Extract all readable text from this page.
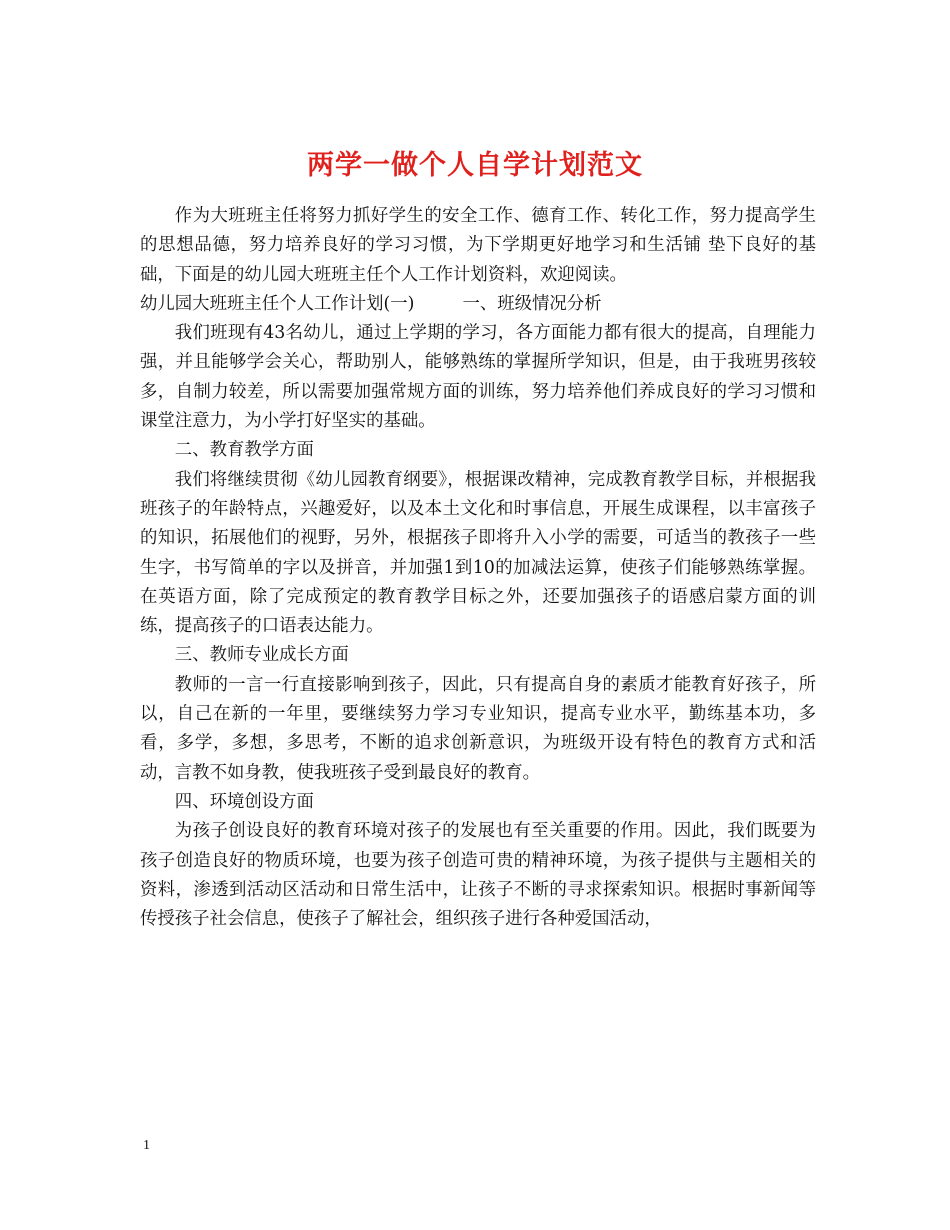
两学一做个人自学计划范文

作为大班班主任将努力抓好学生的安全工作、德育工作、转化工作，努力提高学生的思想品德，努力培养良好的学习习惯，为下学期更好地学习和生活铺 垫下良好的基础，下面是的幼儿园大班班主任个人工作计划资料，欢迎阅读。

幼儿园大班班主任个人工作计划(一)	一、班级情况分析

我们班现有43名幼儿，通过上学期的学习，各方面能力都有很大的提高，自理能力强，并且能够学会关心，帮助别人，能够熟练的掌握所学知识，但是，由于我班男孩较多，自制力较差，所以需要加强常规方面的训练，努力培养他们养成良好的学习习惯和课堂注意力，为小学打好坚实的基础。

二、教育教学方面

我们将继续贯彻《幼儿园教育纲要》，根据课改精神，完成教育教学目标，并根据我班孩子的年龄特点，兴趣爱好，以及本土文化和时事信息，开展生成课程，以丰富孩子的知识，拓展他们的视野，另外，根据孩子即将升入小学的需要，可适当的教孩子一些生字，书写简单的字以及拼音，并加强1到10的加减法运算，使孩子们能够熟练掌握。在英语方面，除了完成预定的教育教学目标之外，还要加强孩子的语感启蒙方面的训练，提高孩子的口语表达能力。

三、教师专业成长方面

教师的一言一行直接影响到孩子，因此，只有提高自身的素质才能教育好孩子，所以，自己在新的一年里，要继续努力学习专业知识，提高专业水平，勤练基本功，多看，多学，多想，多思考，不断的追求创新意识，为班级开设有特色的教育方式和活动，言教不如身教，使我班孩子受到最良好的教育。

四、环境创设方面

为孩子创设良好的教育环境对孩子的发展也有至关重要的作用。因此，我们既要为孩子创造良好的物质环境，也要为孩子创造可贵的精神环境，为孩子提供与主题相关的资料，渗透到活动区活动和日常生活中，让孩子不断的寻求探索知识。根据时事新闻等传授孩子社会信息，使孩子了解社会，组织孩子进行各种爱国活动，

1
